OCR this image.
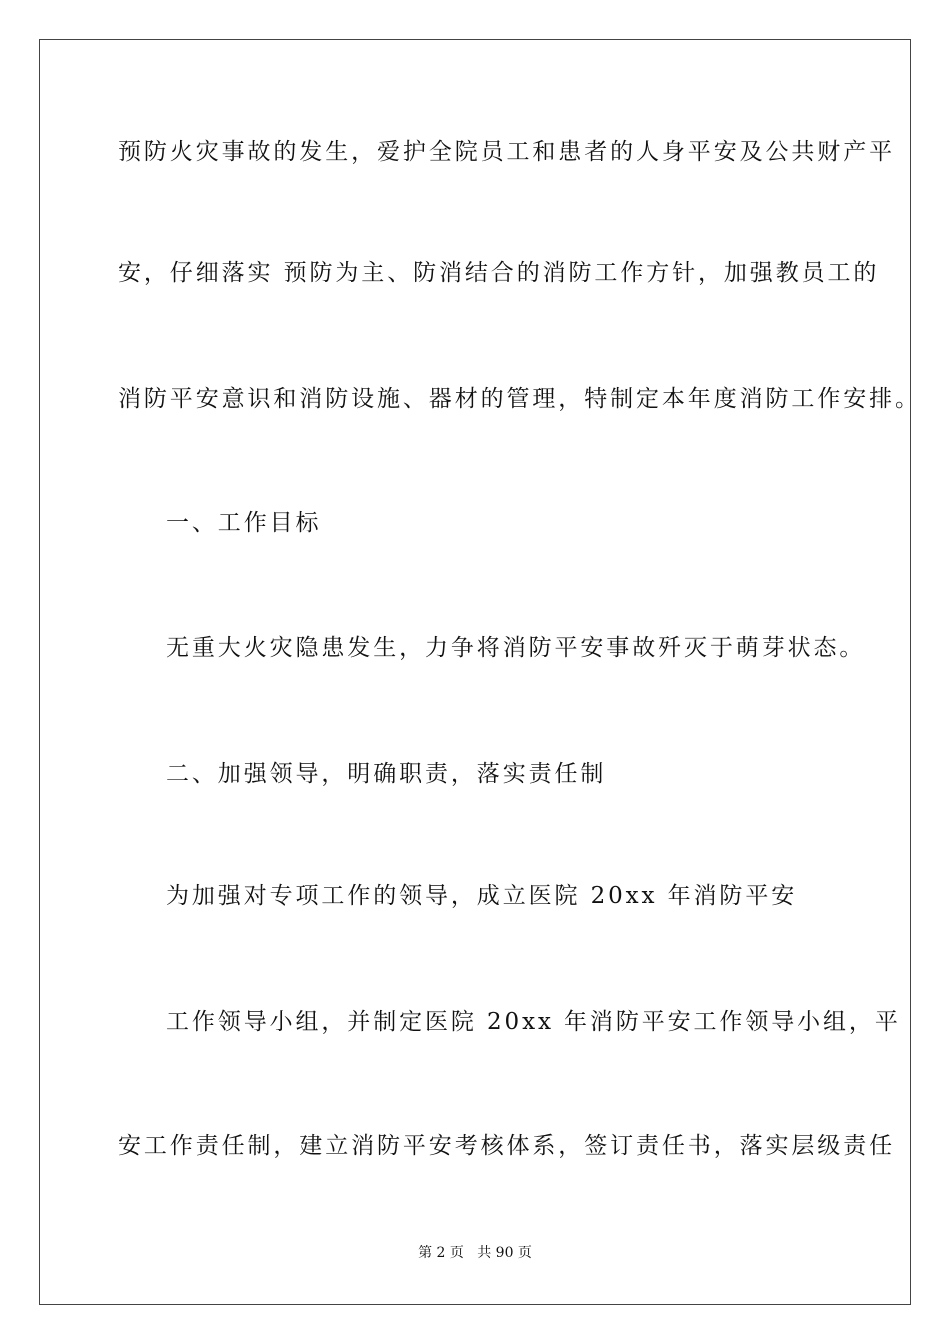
预防火灾事故的发生，爱护全院员工和患者的人身平安及公共财产平
安，仔细落实 预防为主、防消结合的消防工作方针，加强教员工的
消防平安意识和消防设施、器材的管理，特制定本年度消防工作安排。
一、工作目标
无重大火灾隐患发生，力争将消防平安事故歼灭于萌芽状态。
二、加强领导，明确职责，落实责任制
为加强对专项工作的领导，成立医院 20xx 年消防平安
工作领导小组，并制定医院 20xx 年消防平安工作领导小组，平
安工作责任制，建立消防平安考核体系，签订责任书，落实层级责任
第 2 页   共 90 页
